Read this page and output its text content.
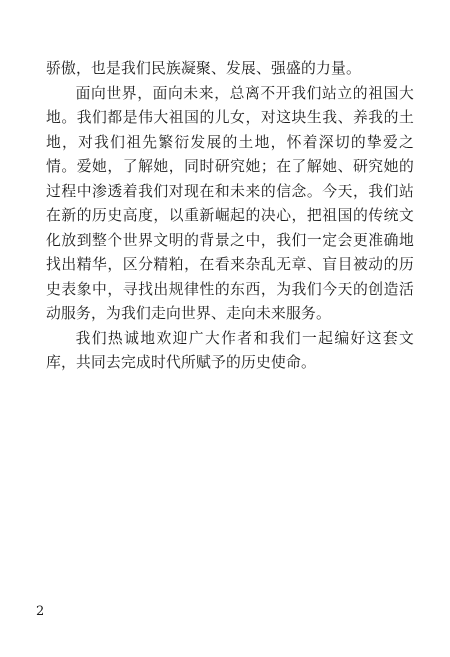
骄傲，也是我们民族凝聚、发展、强盛的力量。

面向世界，面向未来，总离不开我们站立的祖国大地。我们都是伟大祖国的儿女，对这块生我、养我的土地，对我们祖先繁衍发展的土地，怀着深切的挚爱之情。爱她，了解她，同时研究她；在了解她、研究她的过程中渗透着我们对现在和未来的信念。今天，我们站在新的历史高度，以重新崛起的决心，把祖国的传统文化放到整个世界文明的背景之中，我们一定会更准确地找出精华，区分精粕，在看来杂乱无章、盲目被动的历史表象中，寻找出规律性的东西，为我们今天的创造活动服务，为我们走向世界、走向未来服务。

我们热诚地欢迎广大作者和我们一起编好这套文库，共同去完成时代所赋予的历史使命。

2
